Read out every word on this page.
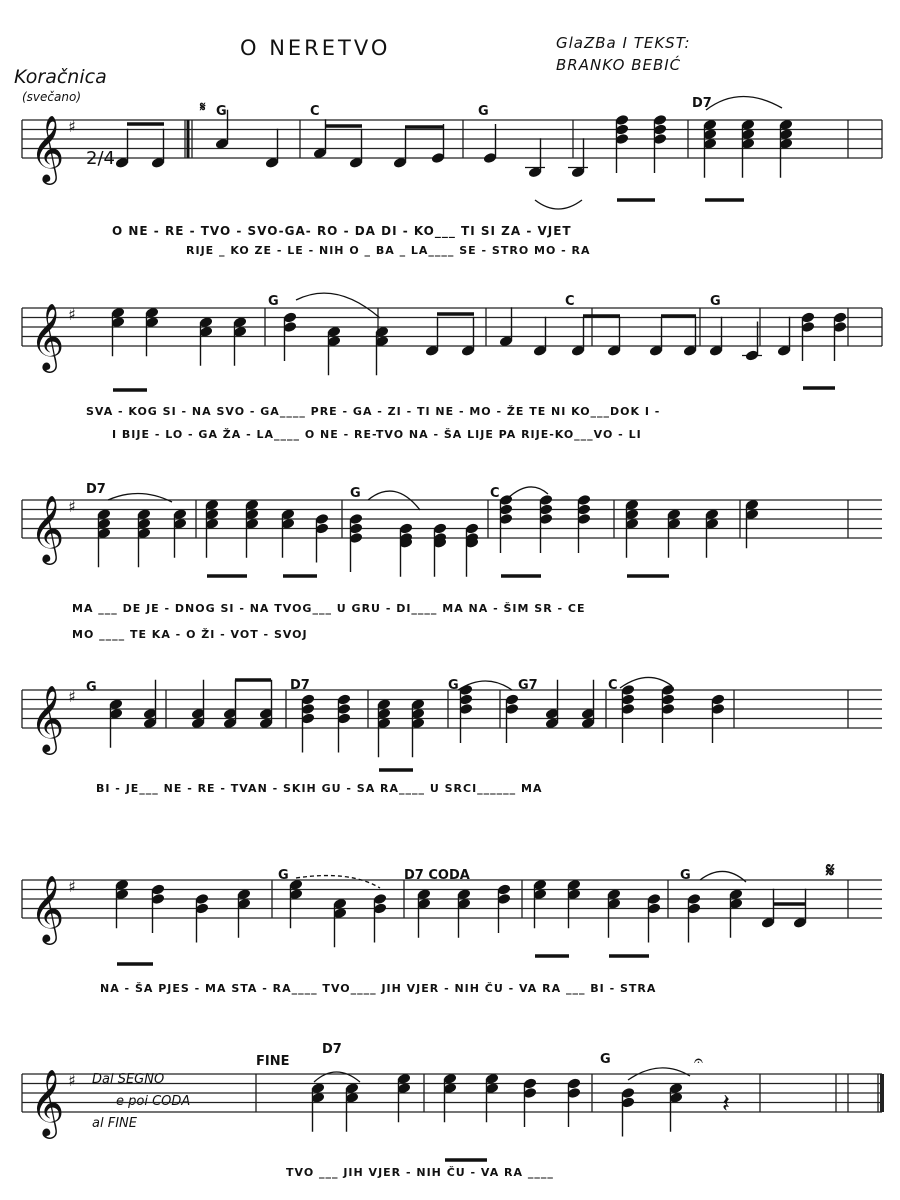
O NERETVO	GlaZBa I TEKST:
BRANKO BEBIĆ
Koračnica
(svečano)
𝄋 G	C	G
D7
O NE - RE - TVO - SVO-GA- RO - DA DI - KO___ TI SI ZA - VJET
RIJE _ KO ZE - LE - NIH O _ BA _ LA____ SE - STRO MO - RA
G	C	G
SVA - KOG SI - NA SVO - GA____ PRE - GA - ZI - TI NE - MO - ŽE TE NI KO___DOK I -
I BIJE - LO - GA ŽA - LA____ O NE - RE-TVO NA - ŠA LIJE PA RIJE-KO___VO - LI
D7	G	C
MA ___ DE JE - DNOG SI - NA TVOG___ U GRU - DI____ MA NA - ŠIM SR - CE
MO ____ TE KA - O ŽI - VOT - SVOJ
G	D7	G	G7	C
BI - JE___ NE - RE - TVAN - SKIH GU - SA RA____ U SRCI______ MA
G	D7 CODA	G	𝄋
NA - ŠA PJES - MA STA - RA____ TVO____ JIH VJER - NIH ČU - VA RA ___ BI - STRA
Dal SEGNO
e poi CODA
al FINE
FINE
D7
G
TVO ___ JIH VJER - NIH ČU - VA RA ____
𝄞 ♯
𝄞 ♯
𝄞 ♯
𝄞 ♯
𝄞 ♯
𝄞 ♯
2/4
𝄐
𝄽
